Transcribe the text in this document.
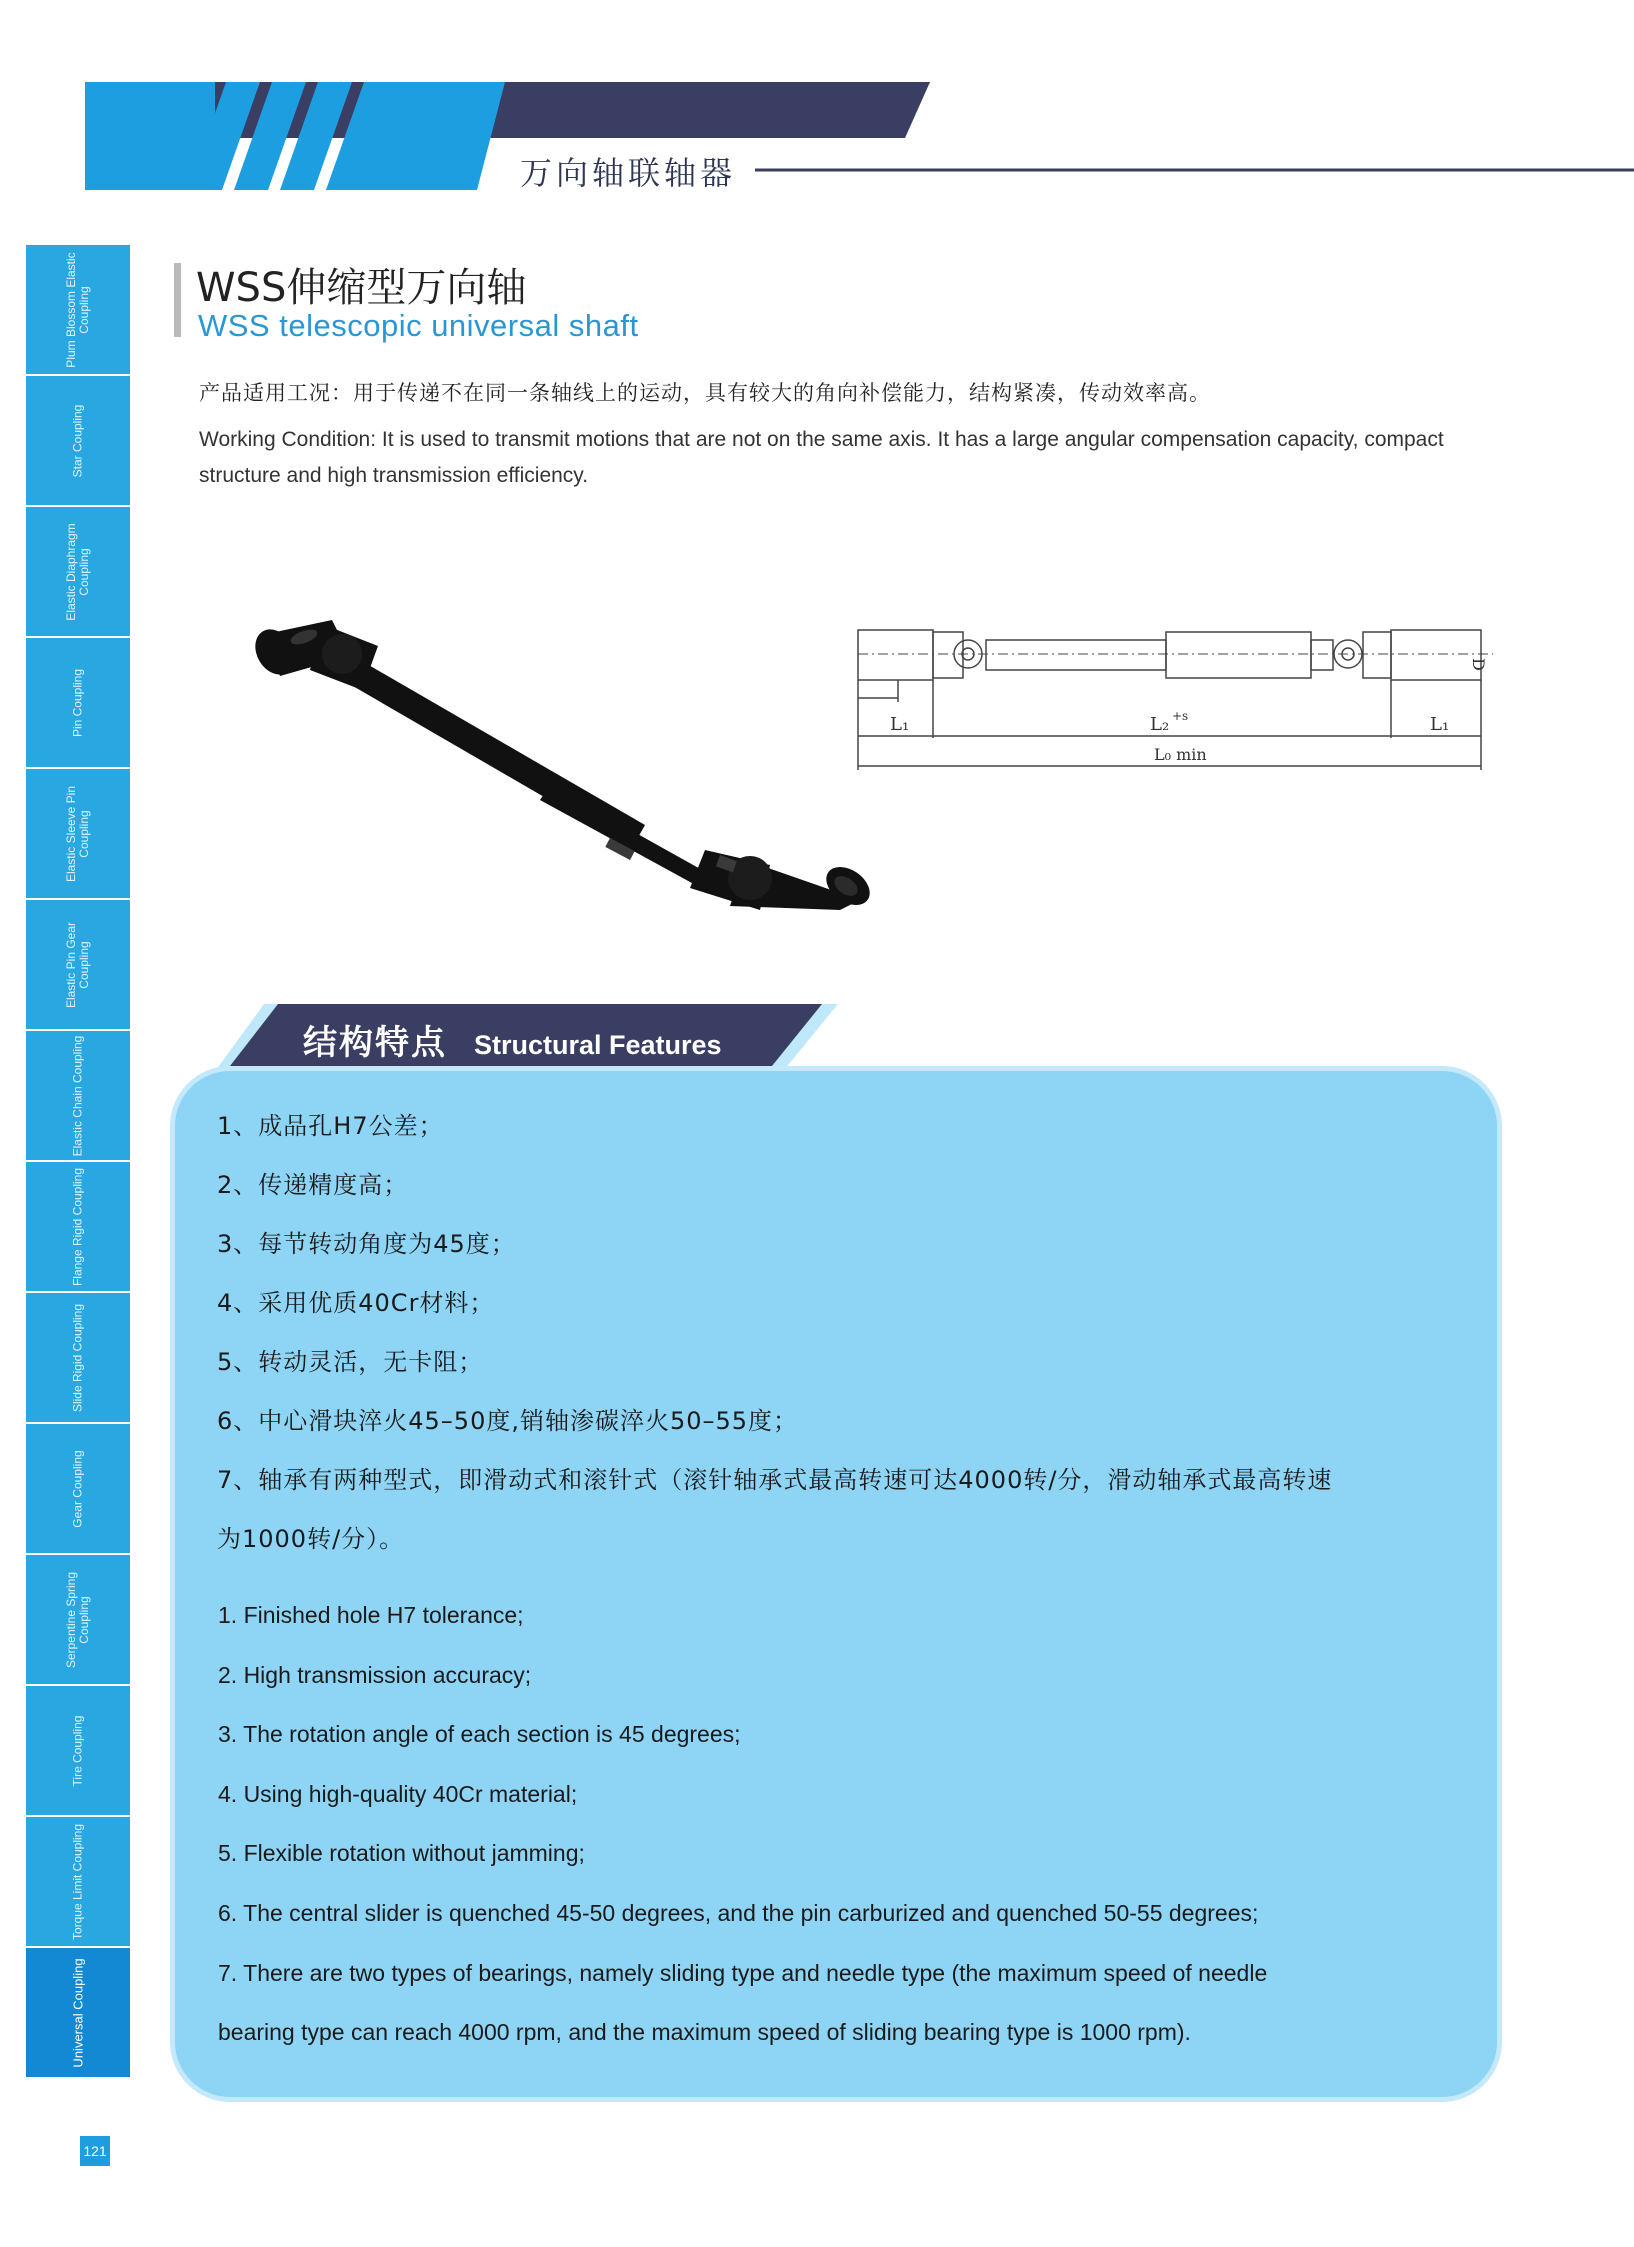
万向轴联轴器
Plum Blossom Elastic Coupling
Star Coupling
Elastic Diaphragm Coupling
Pin Coupling
Elastic Sleeve Pin Coupling
Elastic Pin Gear Coupling
Elastic Chain Coupling
Flange Rigid Coupling
Slide Rigid Coupling
Gear Coupling
Serpentine Spring Coupling
Tire Coupling
Torque Limit Coupling
Universal Coupling
WSS伸缩型万向轴
WSS telescopic universal shaft
产品适用工况：用于传递不在同一条轴线上的运动，具有较大的角向补偿能力，结构紧凑，传动效率高。
Working Condition: It is used to transmit motions that are not on the same axis. It has a large angular compensation capacity, compact structure and high transmission efficiency.
L₁	L₂ +s	L₁
L₀ min
D
结构特点 Structural Features
1、成品孔H7公差；
2、传递精度高；
3、每节转动角度为45度；
4、采用优质40Cr材料；
5、转动灵活，无卡阻；
6、中心滑块淬火45–50度,销轴渗碳淬火50–55度；
7、轴承有两种型式，即滑动式和滚针式（滚针轴承式最高转速可达4000转/分，滑动轴承式最高转速
为1000转/分）。
1. Finished hole H7 tolerance;
2. High transmission accuracy;
3. The rotation angle of each section is 45 degrees;
4. Using high-quality 40Cr material;
5. Flexible rotation without jamming;
6. The central slider is quenched 45-50 degrees, and the pin carburized and quenched 50-55 degrees;
7. There are two types of bearings, namely sliding type and needle type (the maximum speed of needle
bearing type can reach 4000 rpm, and the maximum speed of sliding bearing type is 1000 rpm).
121
